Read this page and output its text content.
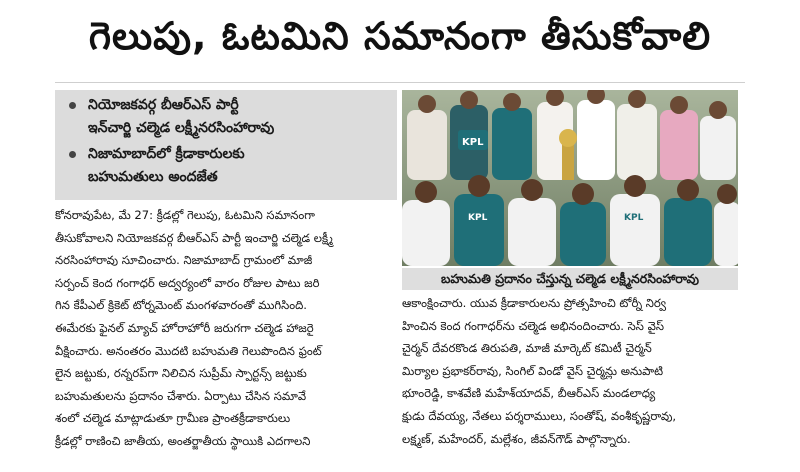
గెలుపు, ఓటమిని సమానంగా తీసుకోవాలి
నియోజకవర్గ బీఆర్ఎస్ పార్టీ
ఇన్‌చార్జి చల్మెడ లక్ష్మీనరసింహారావు
నిజామాబాద్‌లో క్రీడాకారులకు
బహుమతులు అందజేత
KPL
KPL	KPL
బహుమతి ప్రదానం చేస్తున్న చల్మెడ లక్ష్మీనరసింహారావు
కోనరావుపేట, మే 27: క్రీడల్లో గెలుపు, ఓటమిని సమానంగా
తీసుకోవాలని నియోజకవర్గ బీఆర్ఎస్ పార్టీ ఇంచార్జి చల్మెడ లక్ష్మీ
నరసింహారావు సూచించారు. నిజామాబాద్ గ్రామంలో మాజీ
సర్పంచ్ కెంద గంగాధర్ అద్వర్యంలో వారం రోజుల పాటు జరి
గిన కేపీఎల్ క్రికెట్ టోర్నమెంట్ మంగళవారంతో ముగిసింది.
ఈమేరకు ఫైనల్ మ్యాచ్ హోరాహోరీ జరుగగా చల్మెడ హాజరై
వీక్షించారు. అనంతరం మొదటి బహుమతి గెలుపొందిన ఫ్రంట్
లైన జట్టుకు, రన్నరప్‌గా నిలిచిన సుప్రీమ్ స్పార్టన్స్ జట్టుకు
బహుమతులను ప్రదానం చేశారు. ఏర్పాటు చేసిన సమావే
శంలో చల్మెడ మాట్లాడుతూ గ్రామీణ ప్రాంతక్రీడాకారులు
క్రీడల్లో రాణించి జాతీయ, అంతర్జాతీయ స్థాయికి ఎదగాలని
ఆకాంక్షించారు. యువ క్రీడాకారులను ప్రోత్సహించి టోర్నీ నిర్వ
హించిన కెంద గంగాధర్‌ను చల్మెడ అభినందించారు. సెస్ వైస్
చైర్మన్ దేవరకొండ తిరుపతి, మాజీ మార్కెట్ కమిటీ చైర్మన్
మిర్యాల ప్రభాకర్‌రావు, సింగిల్ విండో వైస్ చైర్మన్లు అనుపాటి
భూంరెడ్డి, కాశవేణి మహేశ్‌యాదవ్, బీఆర్ఎస్ మండలాధ్య
క్షుడు దేవయ్య, నేతలు పర్శరాములు, సంతోష్, వంశీకృష్ణరావు,
లక్ష్మణ్, మహేందర్, మల్లేశం, జీవన్‌గౌడ్ పాల్గొన్నారు.
